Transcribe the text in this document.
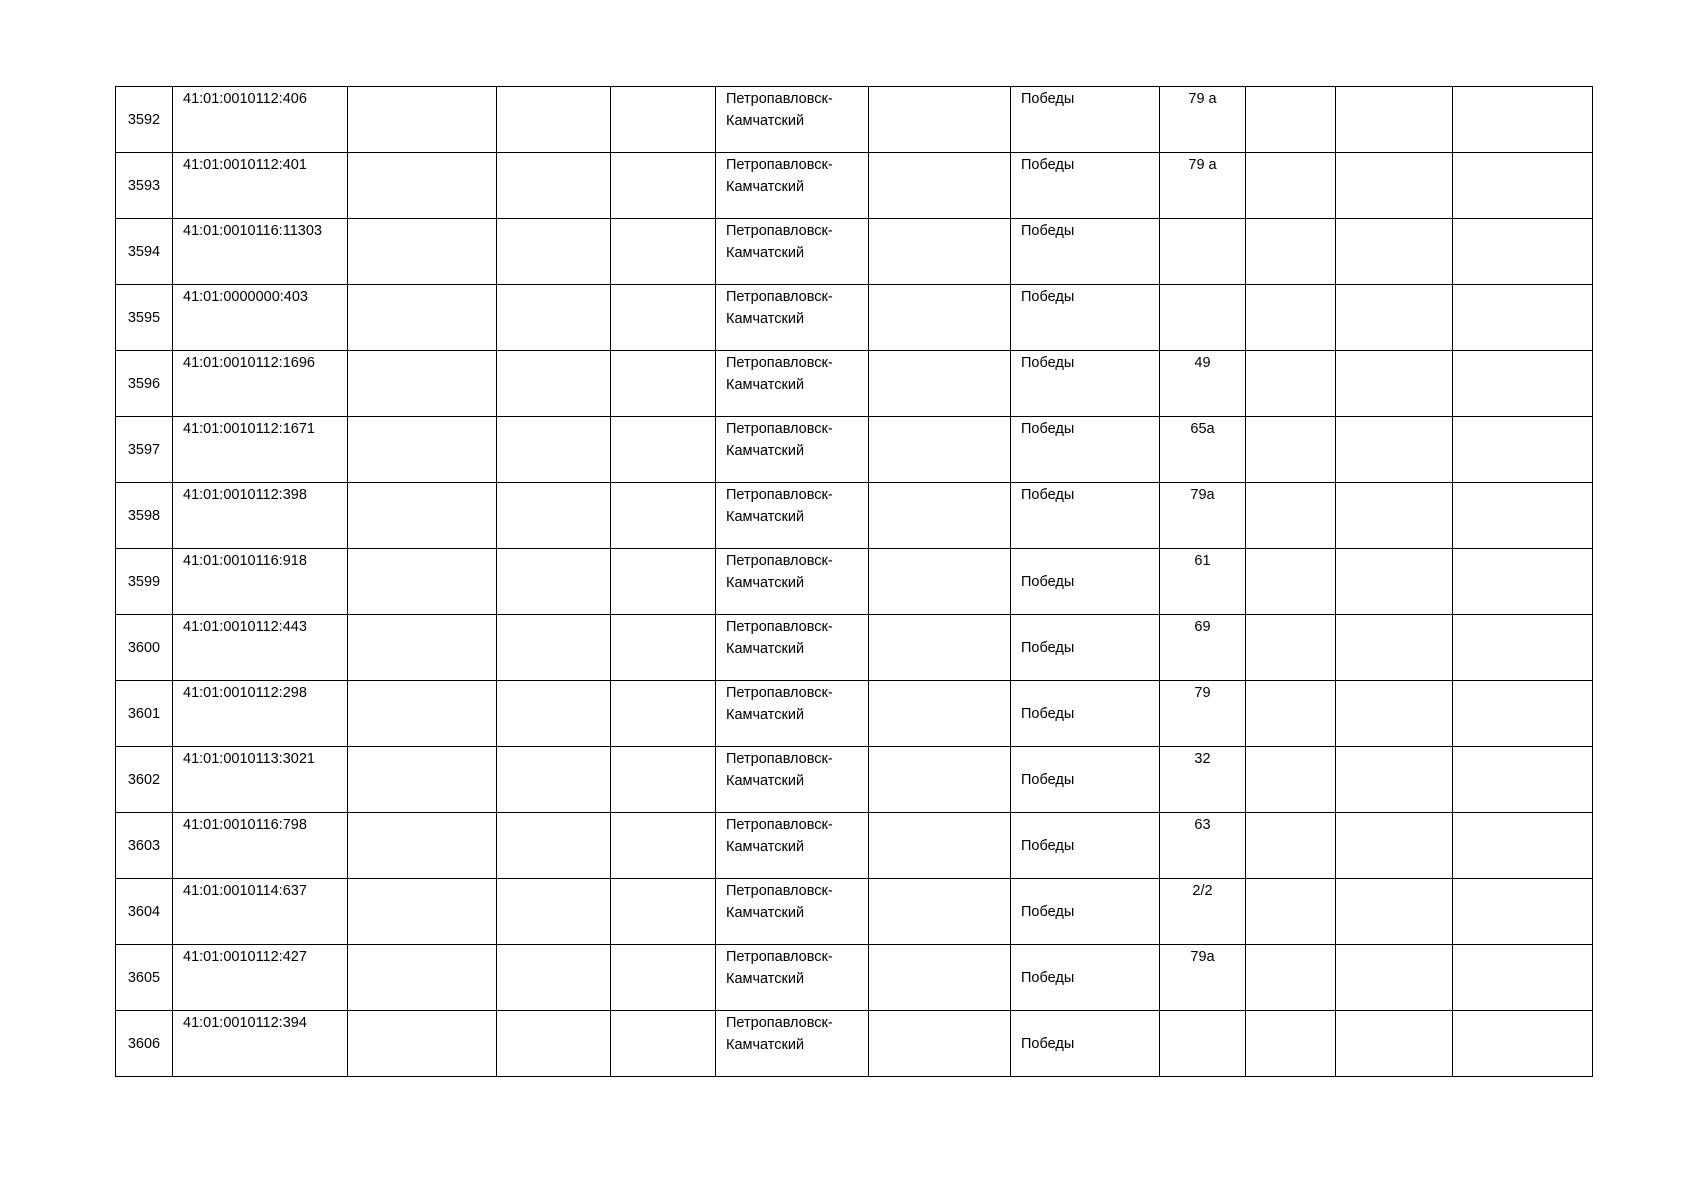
3592	41:01:0010112:406				Петропавловск-
Камчатский		Победы	79 а			
3593	41:01:0010112:401				Петропавловск-
Камчатский		Победы	79 а			
3594	41:01:0010116:11303				Петропавловск-
Камчатский		Победы				
3595	41:01:0000000:403				Петропавловск-
Камчатский		Победы				
3596	41:01:0010112:1696				Петропавловск-
Камчатский		Победы	49			
3597	41:01:0010112:1671				Петропавловск-
Камчатский		Победы	65а			
3598	41:01:0010112:398				Петропавловск-
Камчатский		Победы	79а			
3599	41:01:0010116:918				Петропавловск-
Камчатский		Победы	61			
3600	41:01:0010112:443				Петропавловск-
Камчатский		Победы	69			
3601	41:01:0010112:298				Петропавловск-
Камчатский		Победы	79			
3602	41:01:0010113:3021				Петропавловск-
Камчатский		Победы	32			
3603	41:01:0010116:798				Петропавловск-
Камчатский		Победы	63			
3604	41:01:0010114:637				Петропавловск-
Камчатский		Победы	2/2			
3605	41:01:0010112:427				Петропавловск-
Камчатский		Победы	79а			
3606	41:01:0010112:394				Петропавловск-
Камчатский		Победы				
